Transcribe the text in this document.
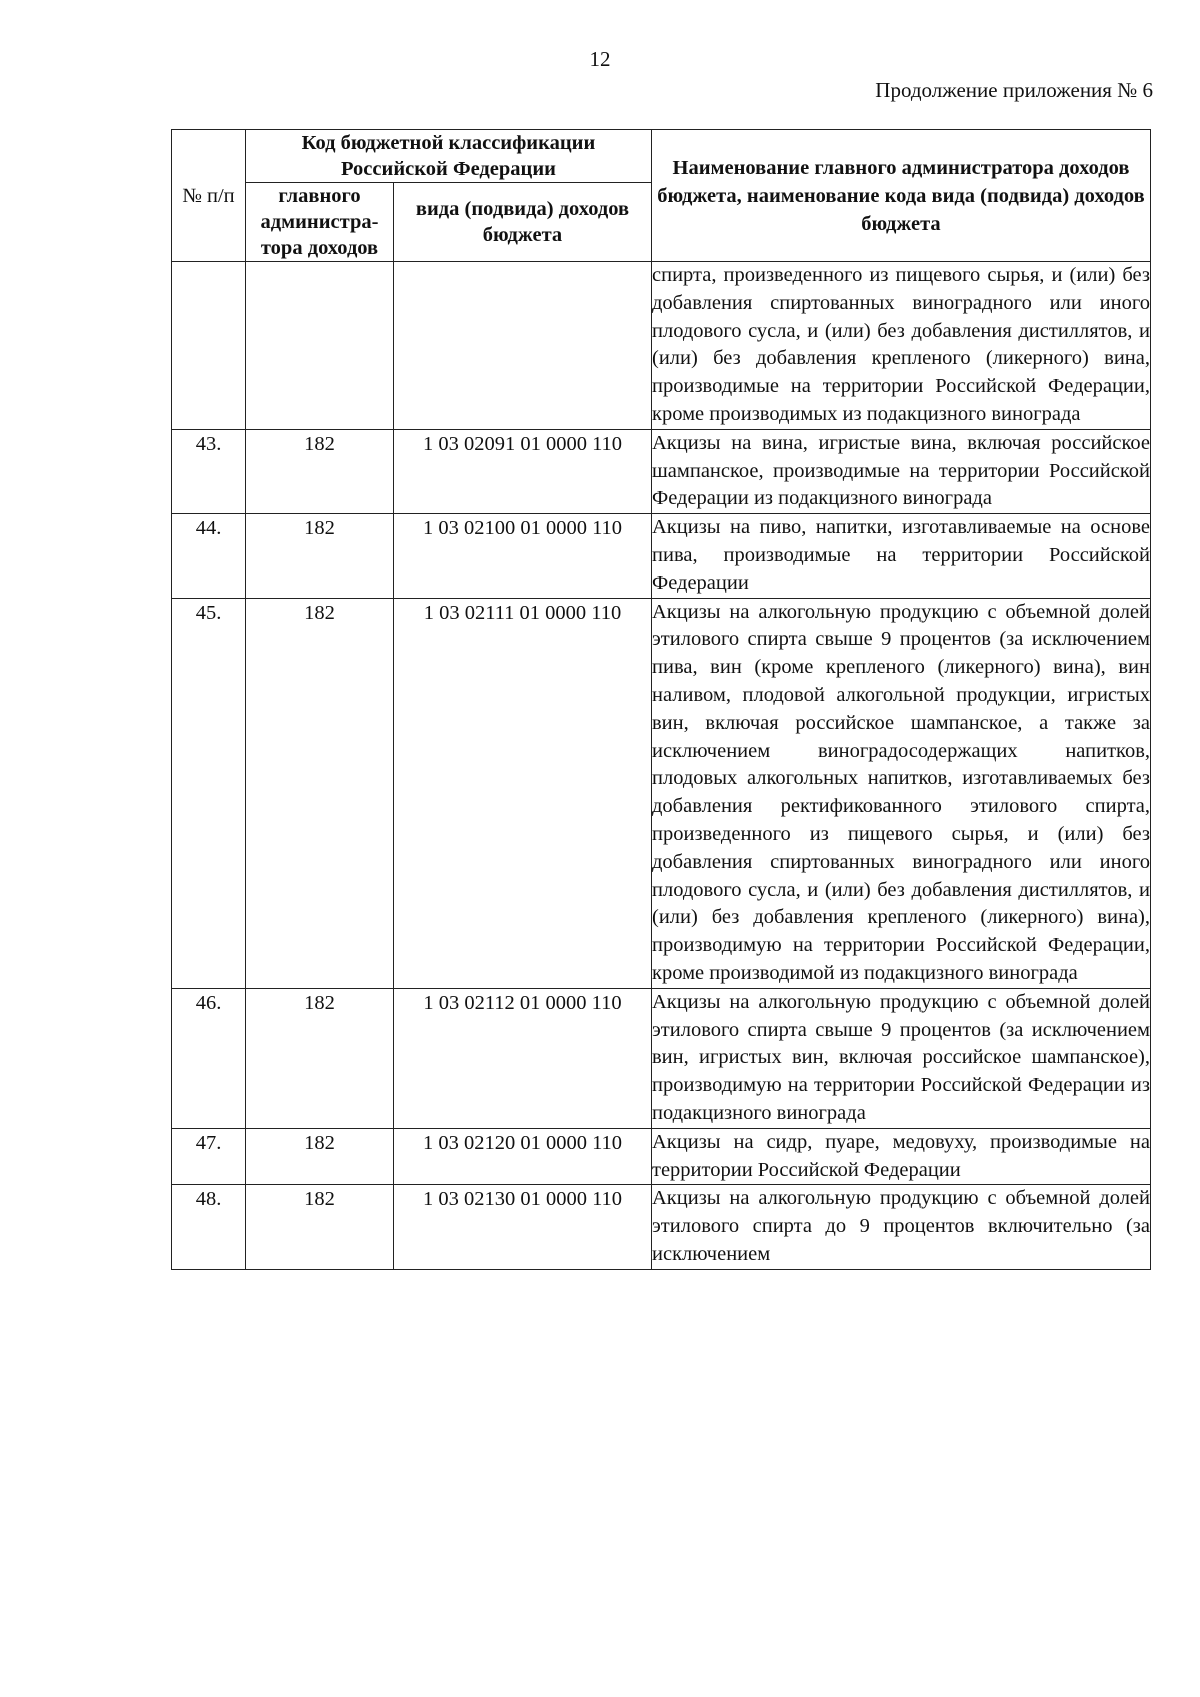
12
Продолжение приложения № 6
№ п/п	Код бюджетной классификации Российской Федерации		Наименование главного администратора доходов бюджета, наименование кода вида (подвида) доходов бюджета
	главного администра-тора доходов	вида (подвида) доходов бюджета	
			спирта, произведенного из пищевого сырья, и (или) без добавления спиртованных виноградного или иного плодового сусла, и (или) без добавления дистиллятов, и (или) без добавления крепленого (ликерного) вина, производимые на территории Российской Федерации, кроме производимых из подакцизного винограда
43.	182	1 03 02091 01 0000 110	Акцизы на вина, игристые вина, включая российское шампанское, производимые на территории Российской Федерации из подакцизного винограда
44.	182	1 03 02100 01 0000 110	Акцизы на пиво, напитки, изготавливаемые на основе пива, производимые на территории Российской Федерации
45.	182	1 03 02111 01 0000 110	Акцизы на алкогольную продукцию с объемной долей этилового спирта свыше 9 процентов (за исключением пива, вин (кроме крепленого (ликерного) вина), вин наливом, плодовой алкогольной продукции, игристых вин, включая российское шампанское, а также за исключением виноградосодержащих напитков, плодовых алкогольных напитков, изготавливаемых без добавления ректификованного этилового спирта, произведенного из пищевого сырья, и (или) без добавления спиртованных виноградного или иного плодового сусла, и (или) без добавления дистиллятов, и (или) без добавления крепленого (ликерного) вина), производимую на территории Российской Федерации, кроме производимой из подакцизного винограда
46.	182	1 03 02112 01 0000 110	Акцизы на алкогольную продукцию с объемной долей этилового спирта свыше 9 процентов (за исключением вин, игристых вин, включая российское шампанское), производимую на территории Российской Федерации из подакцизного винограда
47.	182	1 03 02120 01 0000 110	Акцизы на сидр, пуаре, медовуху, производимые на территории Российской Федерации
48.	182	1 03 02130 01 0000 110	Акцизы на алкогольную продукцию с объемной долей этилового спирта до 9 процентов включительно (за исключением
